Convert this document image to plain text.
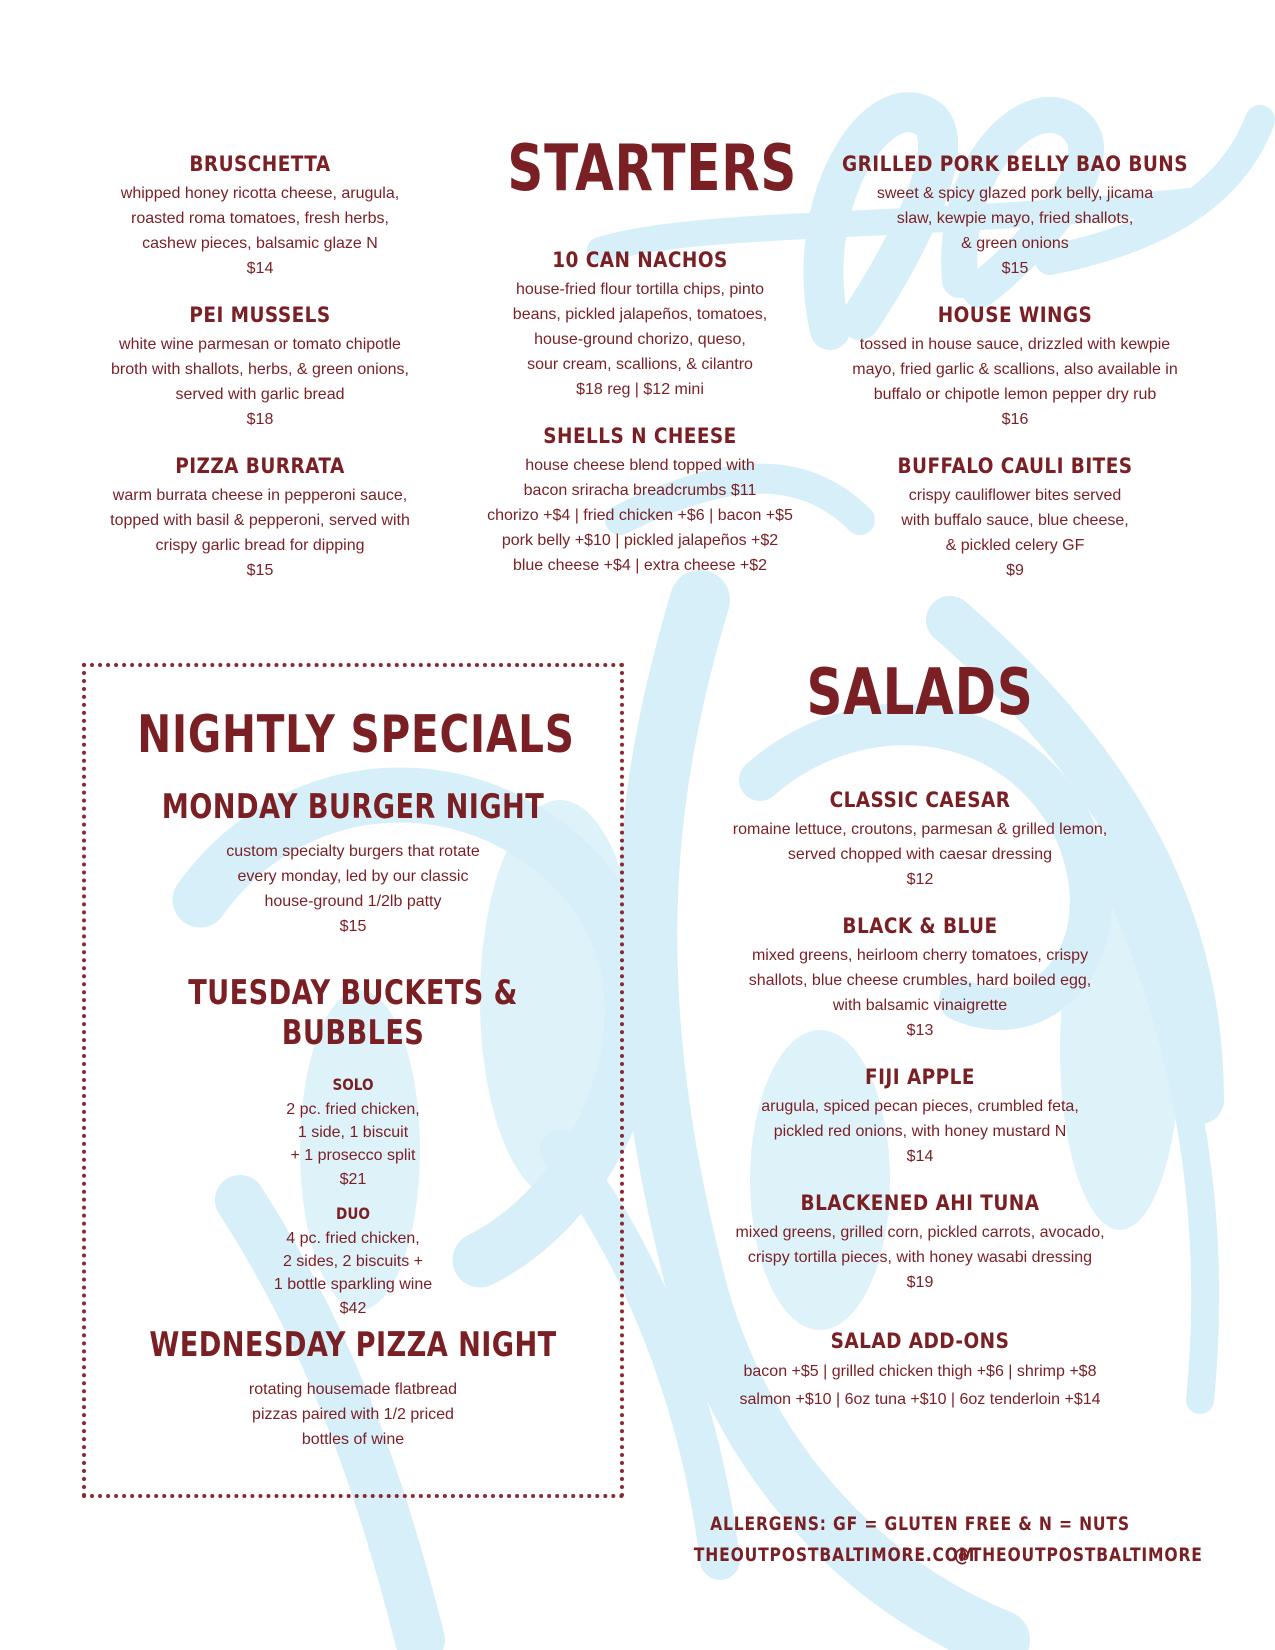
STARTERS
BRUSCHETTA
whipped honey ricotta cheese, arugula,
roasted roma tomatoes, fresh herbs,
cashew pieces, balsamic glaze N
$14
PEI MUSSELS
white wine parmesan or tomato chipotle
broth with shallots, herbs, & green onions,
served with garlic bread
$18
PIZZA BURRATA
warm burrata cheese in pepperoni sauce,
topped with basil & pepperoni, served with
crispy garlic bread for dipping
$15
10 CAN NACHOS
house-fried flour tortilla chips, pinto
beans, pickled jalapeños, tomatoes,
house-ground chorizo, queso,
sour cream, scallions, & cilantro
$18 reg | $12 mini
SHELLS N CHEESE
house cheese blend topped with
bacon sriracha breadcrumbs $11
chorizo +$4 | fried chicken +$6 | bacon +$5
pork belly +$10 | pickled jalapeños +$2
blue cheese +$4 | extra cheese +$2
GRILLED PORK BELLY BAO BUNS
sweet & spicy glazed pork belly, jicama
slaw, kewpie mayo, fried shallots,
& green onions
$15
HOUSE WINGS
tossed in house sauce, drizzled with kewpie
mayo, fried garlic & scallions, also available in
buffalo or chipotle lemon pepper dry rub
$16
BUFFALO CAULI BITES
crispy cauliflower bites served
with buffalo sauce, blue cheese,
& pickled celery GF
$9
NIGHTLY SPECIALS
MONDAY BURGER NIGHT
custom specialty burgers that rotate
every monday, led by our classic
house-ground 1/2lb patty
$15
TUESDAY BUCKETS & BUBBLES
SOLO
2 pc. fried chicken,
1 side, 1 biscuit
+ 1 prosecco split
$21
DUO
4 pc. fried chicken,
2 sides, 2 biscuits +
1 bottle sparkling wine
$42
WEDNESDAY PIZZA NIGHT
rotating housemade flatbread
pizzas paired with 1/2 priced
bottles of wine
SALADS
CLASSIC CAESAR
romaine lettuce, croutons, parmesan & grilled lemon,
served chopped with caesar dressing
$12
BLACK & BLUE
mixed greens, heirloom cherry tomatoes, crispy
shallots, blue cheese crumbles, hard boiled egg,
with balsamic vinaigrette
$13
FIJI APPLE
arugula, spiced pecan pieces, crumbled feta,
pickled red onions, with honey mustard N
$14
BLACKENED AHI TUNA
mixed greens, grilled corn, pickled carrots, avocado,
crispy tortilla pieces, with honey wasabi dressing
$19
SALAD ADD-ONS
bacon +$5 | grilled chicken thigh +$6 | shrimp +$8
salmon +$10 | 6oz tuna +$10 | 6oz tenderloin +$14
ALLERGENS: GF = GLUTEN FREE & N = NUTS
THEOUTPOSTBALTIMORE.COM
@THEOUTPOSTBALTIMORE
